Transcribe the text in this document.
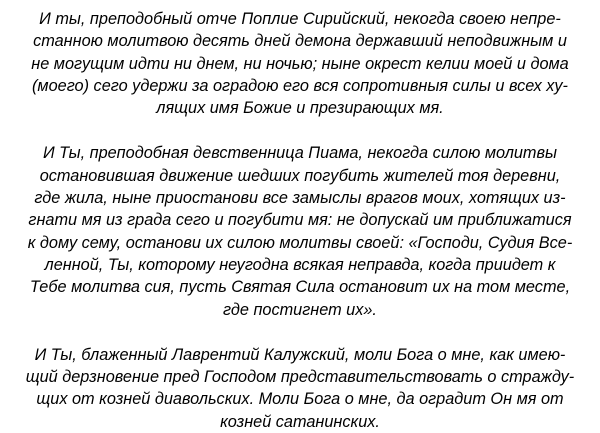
И ты, преподобный отче Поплие Сирийский, некогда своею непре-
станною молитвою десять дней демона державший неподвижным и
не могущим идти ни днем, ни ночью; ныне окрест келии моей и дома
(моего) сего удержи за оградою его вся сопротивныя силы и всех ху-
лящих имя Божие и презирающих мя.
И Ты, преподобная девственница Пиама, некогда силою молитвы
остановившая движение шедших погубить жителей тоя деревни,
где жила, ныне приостанови все замыслы врагов моих, хотящих из-
гнати мя из града сего и погубити мя: не допускай им приближатися
к дому сему, останови их силою молитвы своей: «Господи, Судия Все-
ленной, Ты, которому неугодна всякая неправда, когда приидет к
Тебе молитва сия, пусть Святая Сила остановит их на том месте,
где постигнет их».
И Ты, блаженный Лаврентий Калужский, моли Бога о мне, как имею-
щий дерзновение пред Господом представительствовать о стражду-
щих от козней диавольских. Моли Бога о мне, да оградит Он мя от
козней сатанинских.
